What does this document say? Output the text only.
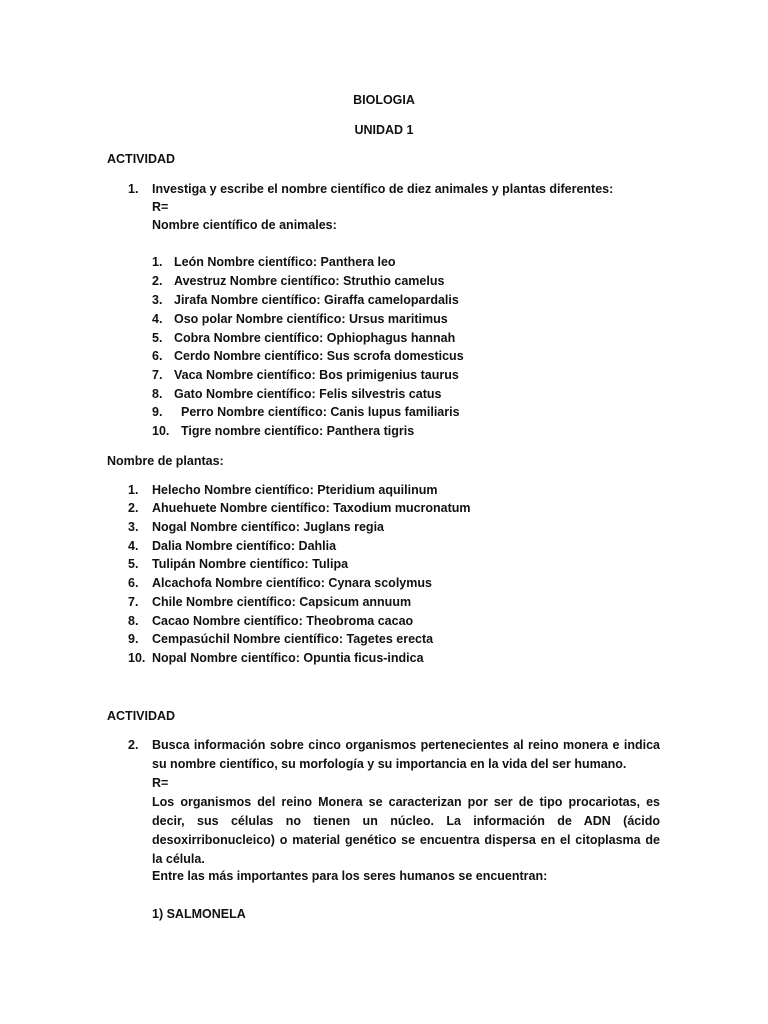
BIOLOGIA
UNIDAD 1
ACTIVIDAD
1. Investiga y escribe el nombre científico de diez animales y plantas diferentes:
R=
Nombre científico de animales:
1. León Nombre científico: Panthera leo
2. Avestruz Nombre científico: Struthio camelus
3. Jirafa Nombre científico: Giraffa camelopardalis
4. Oso polar Nombre científico: Ursus maritimus
5. Cobra Nombre científico: Ophiophagus hannah
6. Cerdo Nombre científico: Sus scrofa domesticus
7. Vaca Nombre científico: Bos primigenius taurus
8. Gato Nombre científico: Felis silvestris catus
9. Perro Nombre científico: Canis lupus familiaris
10. Tigre nombre científico: Panthera tigris
Nombre de plantas:
1. Helecho Nombre científico: Pteridium aquilinum
2. Ahuehuete Nombre científico: Taxodium mucronatum
3. Nogal Nombre científico: Juglans regia
4. Dalia Nombre científico: Dahlia
5. Tulipán Nombre científico: Tulipa
6. Alcachofa Nombre científico: Cynara scolymus
7. Chile Nombre científico: Capsicum annuum
8. Cacao Nombre científico: Theobroma cacao
9. Cempasúchil Nombre científico: Tagetes erecta
10. Nopal Nombre científico: Opuntia ficus-indica
ACTIVIDAD
2. Busca información sobre cinco organismos pertenecientes al reino monera e indica su nombre científico, su morfología y su importancia en la vida del ser humano.
R=
Los organismos del reino Monera se caracterizan por ser de tipo procariotas, es decir, sus células no tienen un núcleo. La información de ADN (ácido desoxirribonucleico) o material genético se encuentra dispersa en el citoplasma de la célula.
Entre las más importantes para los seres humanos se encuentran:
1) SALMONELA
